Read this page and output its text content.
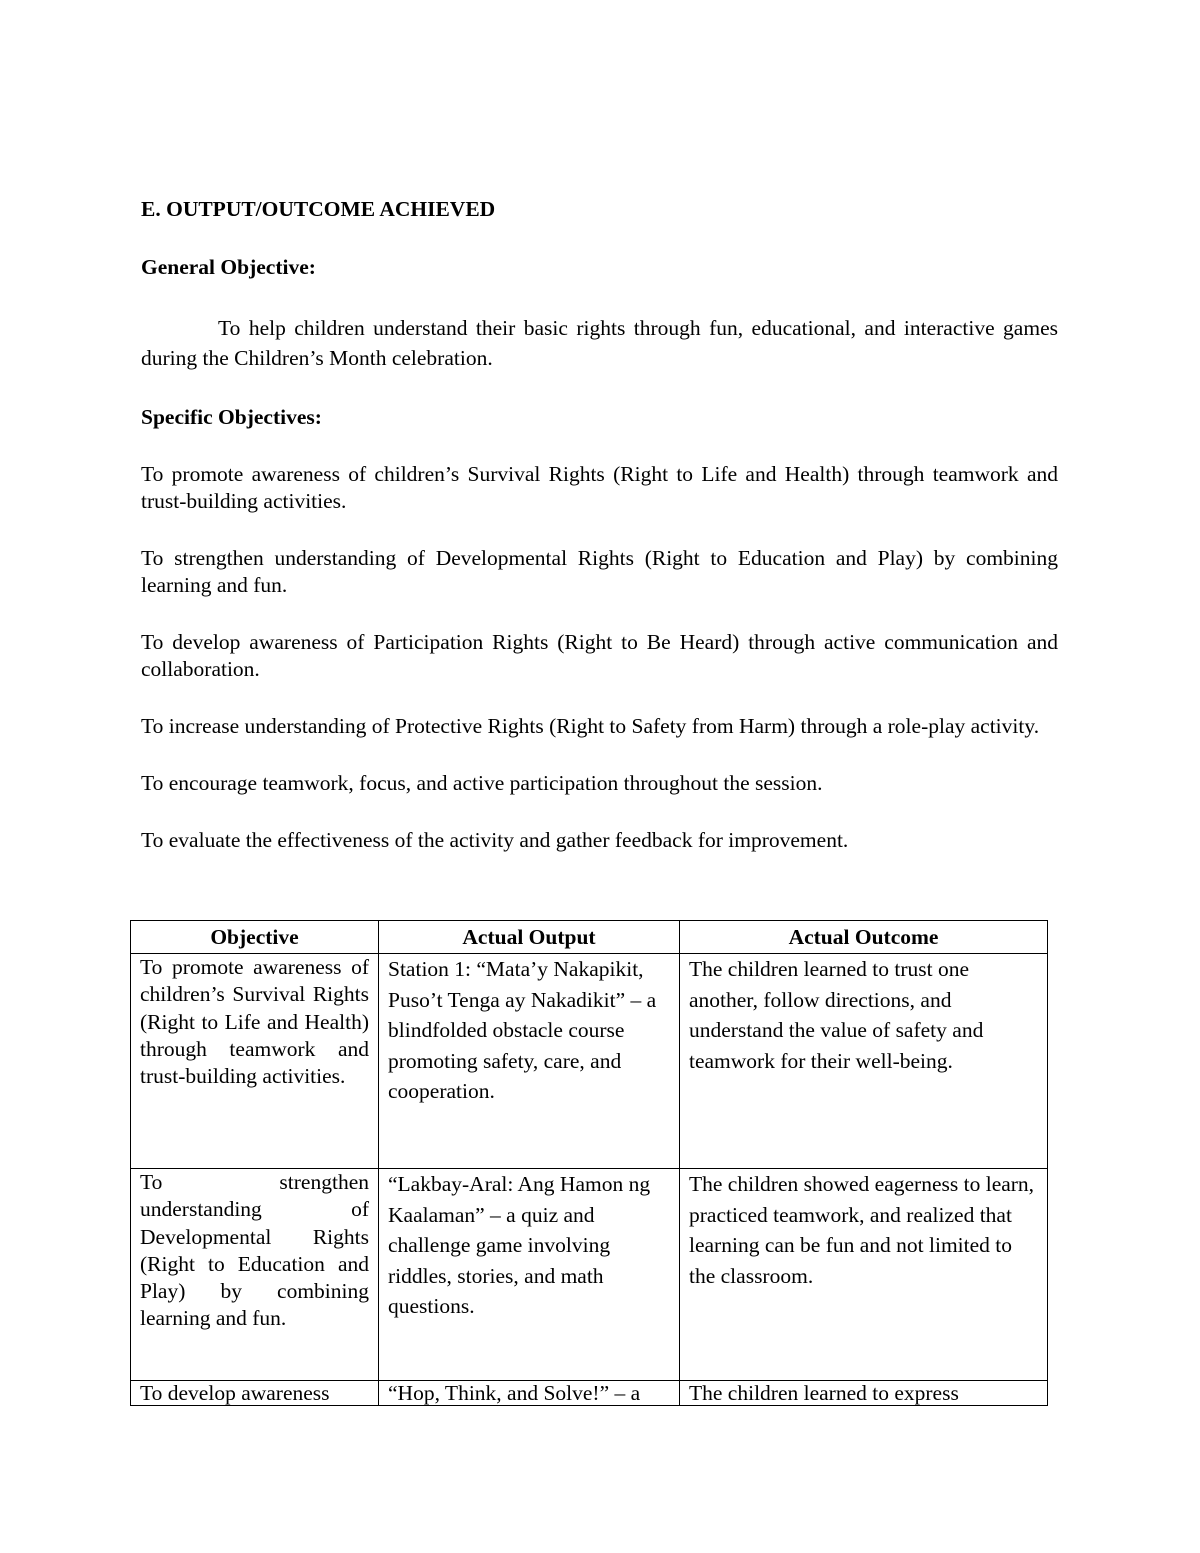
E. OUTPUT/OUTCOME ACHIEVED

General Objective:

To help children understand their basic rights through fun, educational, and interactive games during the Children’s Month celebration.

Specific Objectives:

To promote awareness of children’s Survival Rights (Right to Life and Health) through teamwork and trust-building activities.

To strengthen understanding of Developmental Rights (Right to Education and Play) by combining learning and fun.

To develop awareness of Participation Rights (Right to Be Heard) through active communication and collaboration.

To increase understanding of Protective Rights (Right to Safety from Harm) through a role-play activity.

To encourage teamwork, focus, and active participation throughout the session.

To evaluate the effectiveness of the activity and gather feedback for improvement.

Objective	Actual Output	Actual Outcome
To promote awareness of children’s Survival Rights (Right to Life and Health) through teamwork and trust-building activities.	Station 1: “Mata’y Nakapikit, Puso’t Tenga ay Nakadikit” – a blindfolded obstacle course promoting safety, care, and cooperation.	The children learned to trust one another, follow directions, and understand the value of safety and teamwork for their well-being.
To strengthen understanding of Developmental Rights (Right to Education and Play) by combining learning and fun.	“Lakbay-Aral: Ang Hamon ng Kaalaman” – a quiz and challenge game involving riddles, stories, and math questions.	The children showed eagerness to learn, practiced teamwork, and realized that learning can be fun and not limited to the classroom.

To develop awareness	“Hop, Think, and Solve!” – a	The children learned to express
